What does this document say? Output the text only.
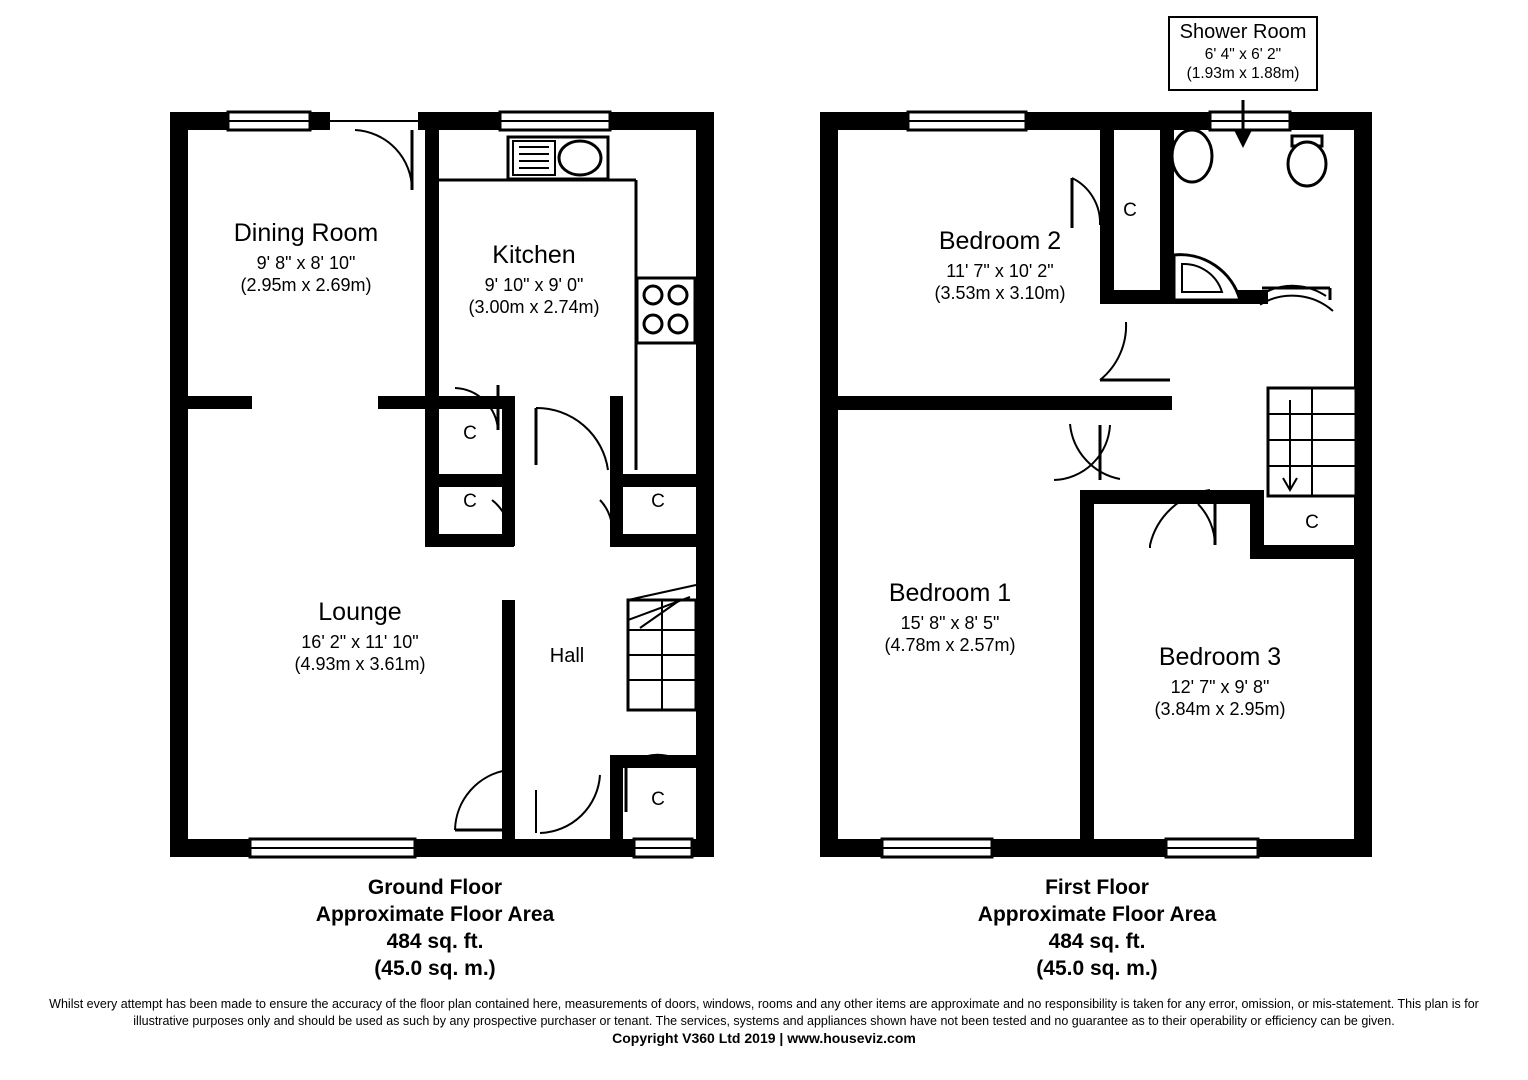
Dining Room
9' 8" x 8' 10"
(2.95m x 2.69m)
Kitchen
9' 10" x 9' 0"
(3.00m x 2.74m)
Lounge
16' 2" x 11' 10"
(4.93m x 3.61m)	Hall
C
C	C
C
Bedroom 2
11' 7" x 10' 2"
(3.53m x 3.10m)
Bedroom 1
15' 8" x 8' 5"
(4.78m x 2.57m)	Bedroom 3
12' 7" x 9' 8"
(3.84m x 2.95m)
C
C
Shower Room
6' 4" x 6' 2"
(1.93m x 1.88m)
Ground Floor
Approximate Floor Area
484 sq. ft.
(45.0 sq. m.)
First Floor
Approximate Floor Area
484 sq. ft.
(45.0 sq. m.)
Whilst every attempt has been made to ensure the accuracy of the floor plan contained here, measurements of doors, windows, rooms and any other items are approximate and no responsibility is taken for any error, omission, or mis-statement. This plan is for
illustrative purposes only and should be used as such by any prospective purchaser or tenant. The services, systems and appliances shown have not been tested and no guarantee as to their operability or efficiency can be given.
Copyright V360 Ltd 2019 | www.houseviz.com
